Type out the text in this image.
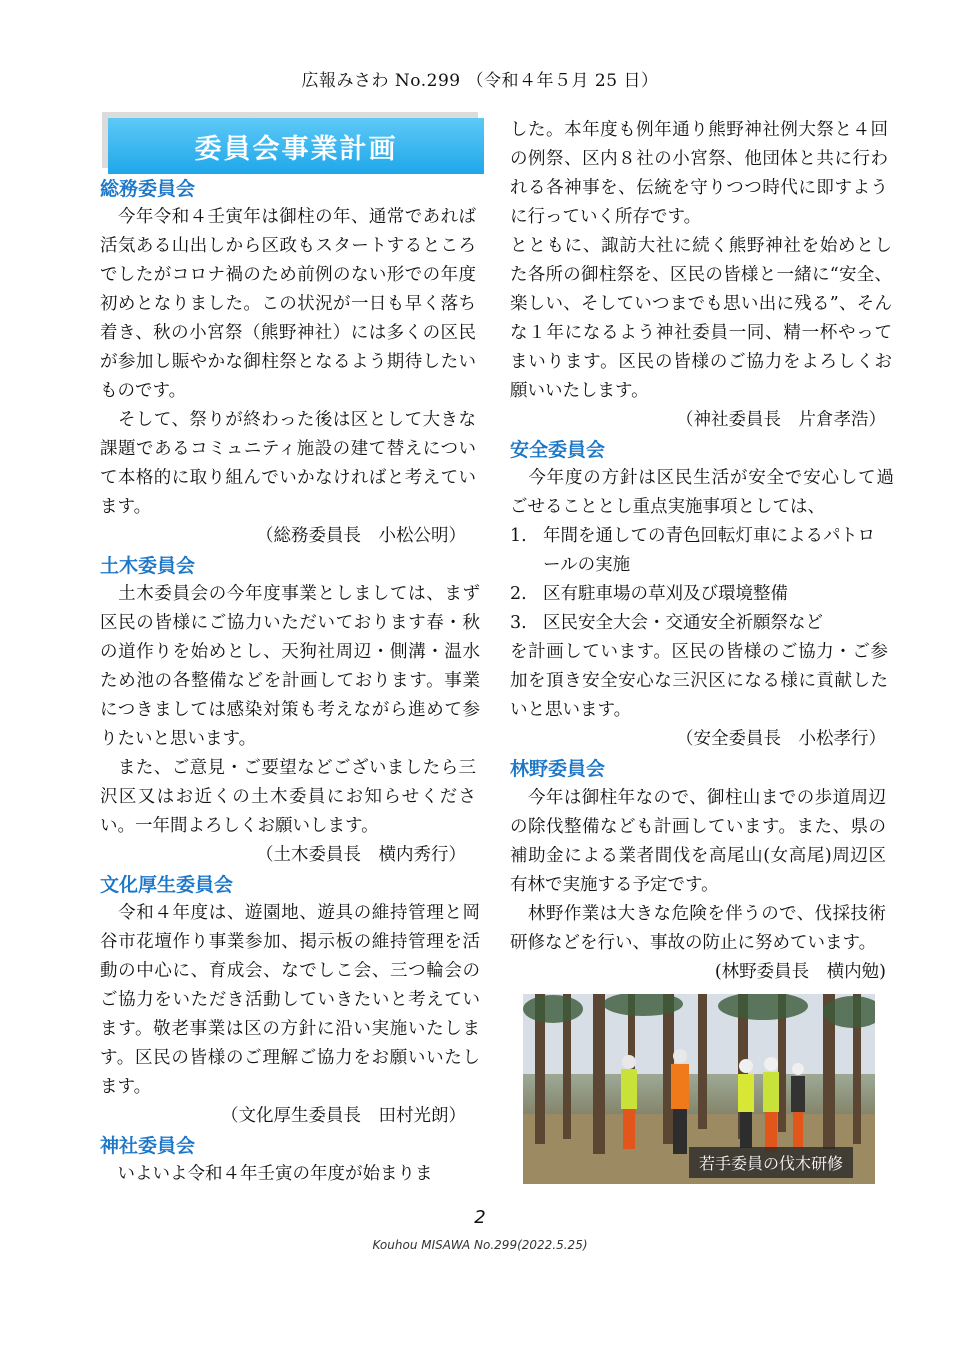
広報みさわ No.299 （令和４年５月 25 日）
委員会事業計画
総務委員会
今年令和４壬寅年は御柱の年、通常であれば活気ある山出しから区政もスタートするところでしたがコロナ禍のため前例のない形での年度初めとなりました。この状況が一日も早く落ち着き、秋の小宮祭（熊野神社）には多くの区民が参加し賑やかな御柱祭となるよう期待したいものです。
そして、祭りが終わった後は区として大きな課題であるコミュニティ施設の建て替えについて本格的に取り組んでいかなければと考えています。
（総務委員長　小松公明）
土木委員会
土木委員会の今年度事業としましては、まず区民の皆様にご協力いただいております春・秋の道作りを始めとし、天狗社周辺・側溝・温水ため池の各整備などを計画しております。事業につきましては感染対策も考えながら進めて参りたいと思います。
また、ご意見・ご要望などございましたら三沢区又はお近くの土木委員にお知らせください。一年間よろしくお願いします。
（土木委員長　横内秀行）
文化厚生委員会
令和４年度は、遊園地、遊具の維持管理と岡谷市花壇作り事業参加、掲示板の維持管理を活動の中心に、育成会、なでしこ会、三つ輪会のご協力をいただき活動していきたいと考えています。敬老事業は区の方針に沿い実施いたします。区民の皆様のご理解ご協力をお願いいたします。
（文化厚生委員長　田村光朗）
神社委員会
いよいよ令和４年壬寅の年度が始まりま
した。本年度も例年通り熊野神社例大祭と４回の例祭、区内８社の小宮祭、他団体と共に行われる各神事を、伝統を守りつつ時代に即すように行っていく所存です。
とともに、諏訪大社に続く熊野神社を始めとした各所の御柱祭を、区民の皆様と一緒に“安全、楽しい、そしていつまでも思い出に残る”、そんな１年になるよう神社委員一同、精一杯やってまいります。区民の皆様のご協力をよろしくお願いいたします。
（神社委員長　片倉孝浩）
安全委員会
今年度の方針は区民生活が安全で安心して過ごせることとし重点実施事項としては、
1. 年間を通しての青色回転灯車によるパトロールの実施
2. 区有駐車場の草刈及び環境整備
3. 区民安全大会・交通安全祈願祭など
を計画しています。区民の皆様のご協力・ご参加を頂き安全安心な三沢区になる様に貢献したいと思います。
（安全委員長　小松孝行）
林野委員会
今年は御柱年なので、御柱山までの歩道周辺の除伐整備なども計画しています。また、県の補助金による業者間伐を高尾山(女高尾)周辺区有林で実施する予定です。
林野作業は大きな危険を伴うので、伐採技術研修などを行い、事故の防止に努めています。
(林野委員長　横内勉)
若手委員の伐木研修
2
Kouhou MISAWA No.299(2022.5.25)
